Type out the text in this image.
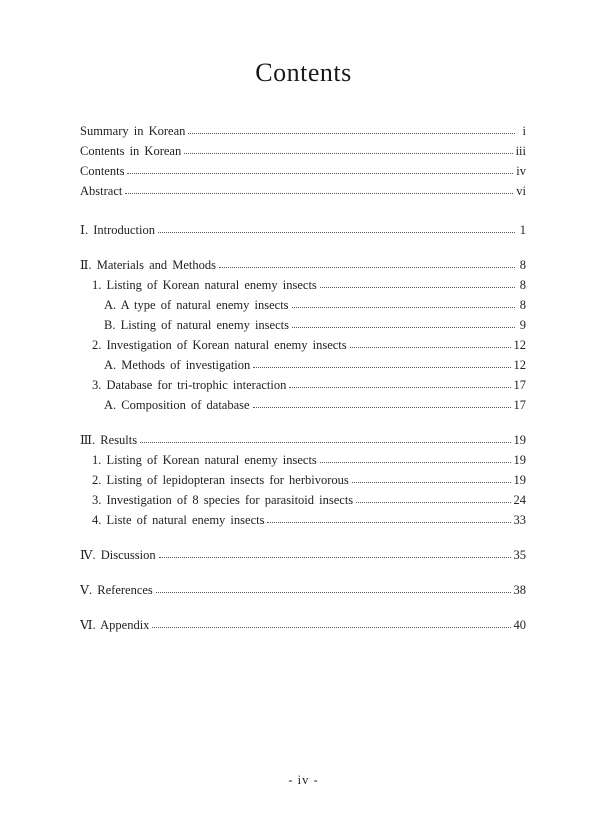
Contents
Summary in Korean	i
Contents in Korean	iii
Contents	iv
Abstract	vi
Ⅰ. Introduction	1
Ⅱ. Materials and Methods	8
1. Listing of Korean natural enemy insects	8
A. A type of natural enemy insects	8
B. Listing of natural enemy insects	9
2. Investigation of Korean natural enemy insects	12
A. Methods of investigation	12
3. Database for tri-trophic interaction	17
A. Composition of database	17
Ⅲ. Results	19
1. Listing of Korean natural enemy insects	19
2. Listing of lepidopteran insects for herbivorous	19
3. Investigation of 8 species for parasitoid insects	24
4. Liste of natural enemy insects	33
Ⅳ. Discussion	35
Ⅴ. References	38
Ⅵ. Appendix	40
- iv -
